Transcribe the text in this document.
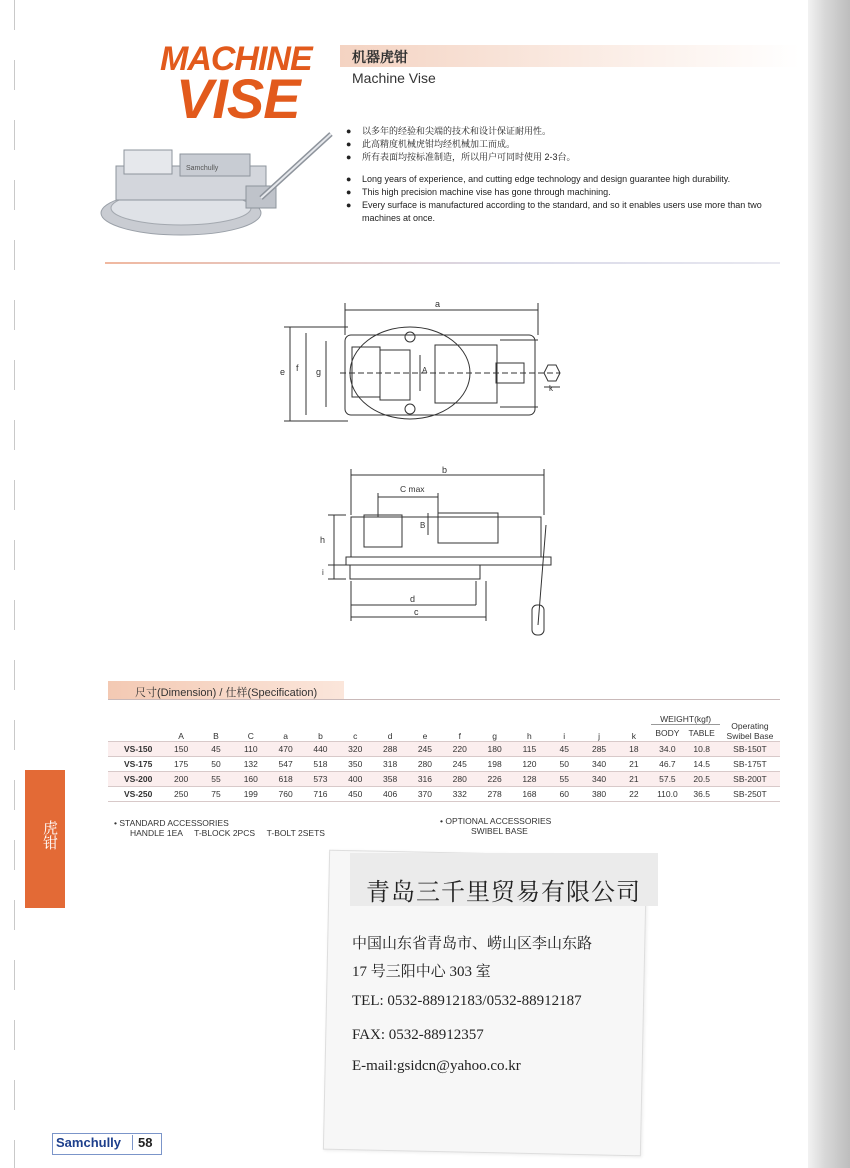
MACHINE
VISE
机器虎钳
Machine Vise
Samchully
● 以多年的经验和尖端的技术和设计保证耐用性。
● 此高精度机械虎钳均经机械加工而成。
● 所有表面均按标准制造，所以用户可同时使用 2-3台。
● Long years of experience, and cutting edge technology and design guarantee high durability.
● This high precision machine vise has gone through machining.
● Every surface is manufactured according to the standard, and so it enables users use more than two machines at once.
a
e f g	A
k
b
C max
B
h
i
d
c
尺寸(Dimension) / 仕样(Specification)
	A	B	C	a	b	c	d	e	f	g	h	i	j	k	WEIGHT(kgf)		Operating
Swibel Base
															BODY	TABLE	
VS-150	150	45	110	470	440	320	288	245	220	180	115	45	285	18	34.0	10.8	SB-150T
VS-175	175	50	132	547	518	350	318	280	245	198	120	50	340	21	46.7	14.5	SB-175T
VS-200	200	55	160	618	573	400	358	316	280	226	128	55	340	21	57.5	20.5	SB-200T
VS-250	250	75	199	760	716	450	406	370	332	278	168	60	380	22	110.0	36.5	SB-250T
• STANDARD ACCESSORIES
HANDLE 1EA     T-BLOCK 2PCS     T-BOLT 2SETS
• OPTIONAL ACCESSORIES
SWIBEL BASE
虎钳
青岛三千里贸易有限公司
中国山东省青岛市、崂山区李山东路
17 号三阳中心 303 室
TEL: 0532-88912183/0532-88912187
FAX: 0532-88912357
E-mail:gsidcn@yahoo.co.kr
Samchully	58
